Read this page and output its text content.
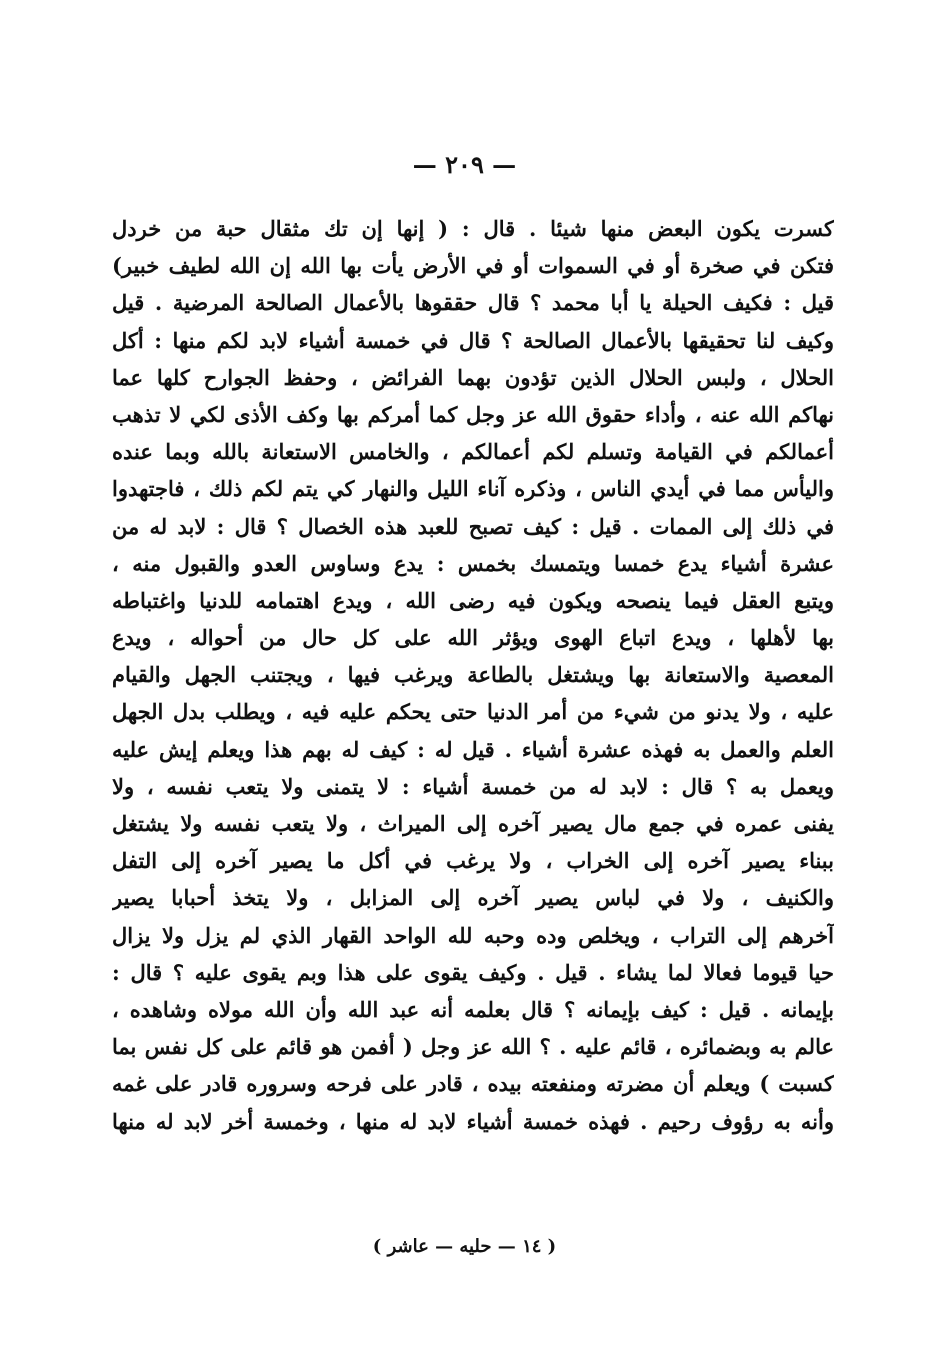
— ٢٠٩ —
كسرت يكون البعض منها شيئا . قال : ( إنها إن تك مثقال حبة من خردل
فتكن في صخرة أو في السموات أو في الأرض يأت بها الله إن الله لطيف خبير)
قيل : فكيف الحيلة يا أبا محمد ؟ قال حققوها بالأعمال الصالحة المرضية . قيل
وكيف لنا تحقيقها بالأعمال الصالحة ؟ قال في خمسة أشياء لابد لكم منها : أكل
الحلال ، ولبس الحلال الذين تؤدون بهما الفرائض ، وحفظ الجوارح كلها عما
نهاكم الله عنه ، وأداء حقوق الله عز وجل كما أمركم بها وكف الأذى لكي لا تذهب
أعمالكم في القيامة وتسلم لكم أعمالكم ، والخامس الاستعانة بالله وبما عنده
واليأس مما في أيدي الناس ، وذكره آناء الليل والنهار كي يتم لكم ذلك ، فاجتهدوا
في ذلك إلى الممات . قيل : كيف تصبح للعبد هذه الخصال ؟ قال : لابد له من
عشرة أشياء يدع خمسا ويتمسك بخمس : يدع وساوس العدو والقبول منه ،
ويتبع العقل فيما ينصحه ويكون فيه رضى الله ، ويدع اهتمامه للدنيا واغتباطه
بها لأهلها ، ويدع اتباع الهوى ويؤثر الله على كل حال من أحواله ، ويدع
المعصية والاستعانة بها ويشتغل بالطاعة ويرغب فيها ، ويجتنب الجهل والقيام
عليه ، ولا يدنو من شيء من أمر الدنيا حتى يحكم عليه فيه ، ويطلب بدل الجهل
العلم والعمل به فهذه عشرة أشياء . قيل له : كيف له بهم هذا ويعلم إيش عليه
ويعمل به ؟ قال : لابد له من خمسة أشياء : لا يتمنى ولا يتعب نفسه ، ولا
يفنى عمره في جمع مال يصير آخره إلى الميراث ، ولا يتعب نفسه ولا يشتغل
ببناء يصير آخره إلى الخراب ، ولا يرغب في أكل ما يصير آخره إلى التفل
والكنيف ، ولا في لباس يصير آخره إلى المزابل ، ولا يتخذ أحبابا يصير
آخرهم إلى التراب ، ويخلص وده وحبه لله الواحد القهار الذي لم يزل ولا يزال
حيا قيوما فعالا لما يشاء . قيل . وكيف يقوى على هذا وبم يقوى عليه ؟ قال :
بإيمانه . قيل : كيف بإيمانه ؟ قال بعلمه أنه عبد الله وأن الله مولاه وشاهده ،
عالم به وبضمائره ، قائم عليه . ؟ الله عز وجل ( أفمن هو قائم على كل نفس بما
كسبت ) ويعلم أن مضرته ومنفعته بيده ، قادر على فرحه وسروره قادر على غمه
وأنه به رؤوف رحيم . فهذه خمسة أشياء لابد له منها ، وخمسة أخر لابد له منها
( ١٤ — حليه — عاشر )
